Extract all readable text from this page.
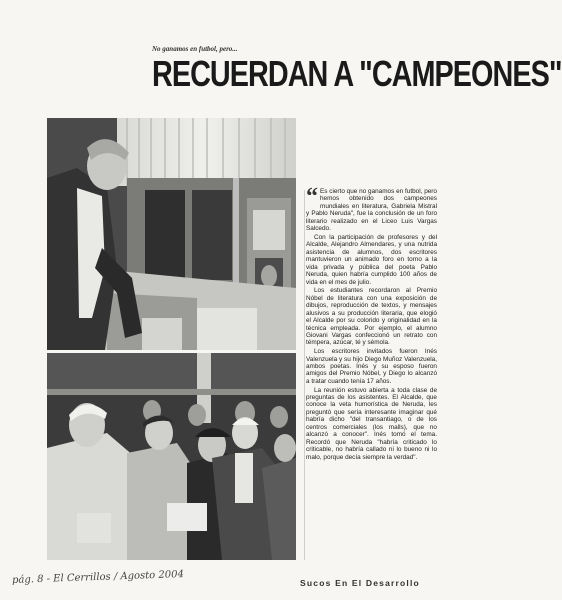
No ganamos en futbol, pero...
RECUERDAN A "CAMPEONES"

“ Es cierto que no ganamos en futbol, pero hemos obtenido dos campeones mundiales en literatura, Gabriela Mistral y Pablo Neruda", fue la conclusión de un foro literario realizado en el Liceo Luis Vargas Salcedo.

Con la participación de profesores y del Alcalde, Alejandro Almendares, y una nutrida asistencia de alumnos, dos escritores mantuvieron un animado foro en torno a la vida privada y pública del poeta Pablo Neruda, quien habría cumplido 100 años de vida en el mes de julio.

Los estudiantes recordaron al Premio Nóbel de literatura con una exposición de dibujos, reproducción de textos, y mensajes alusivos a su producción literaria, que elogió el Alcalde por su colorido y originalidad en la técnica empleada. Por ejemplo, el alumno Giovani Vargas confeccionó un retrato con témpera, azúcar, té y sémola.

Los escritores invitados fueron Inés Valenzuela y su hijo Diego Muñoz Valenzuela, ambos poetas. Inés y su esposo fueron amigos del Premio Nóbel, y Diego lo alcanzó a tratar cuando tenía 17 años.

La reunión estuvo abierta a toda clase de preguntas de los asistentes. El Alcalde, que conoce la veta humorística de Neruda, les preguntó que sería interesante imaginar qué habría dicho "del transantiago, o de los centros comerciales (los malls), que no alcanzó a conocer". Inés tomó el tema. Recordó que Neruda "habría criticado lo criticable, no habría callado ni lo bueno ni lo malo, porque decía siempre la verdad".

pág. 8 - El Cerrillos / Agosto 2004	Sucos En El Desarrollo
